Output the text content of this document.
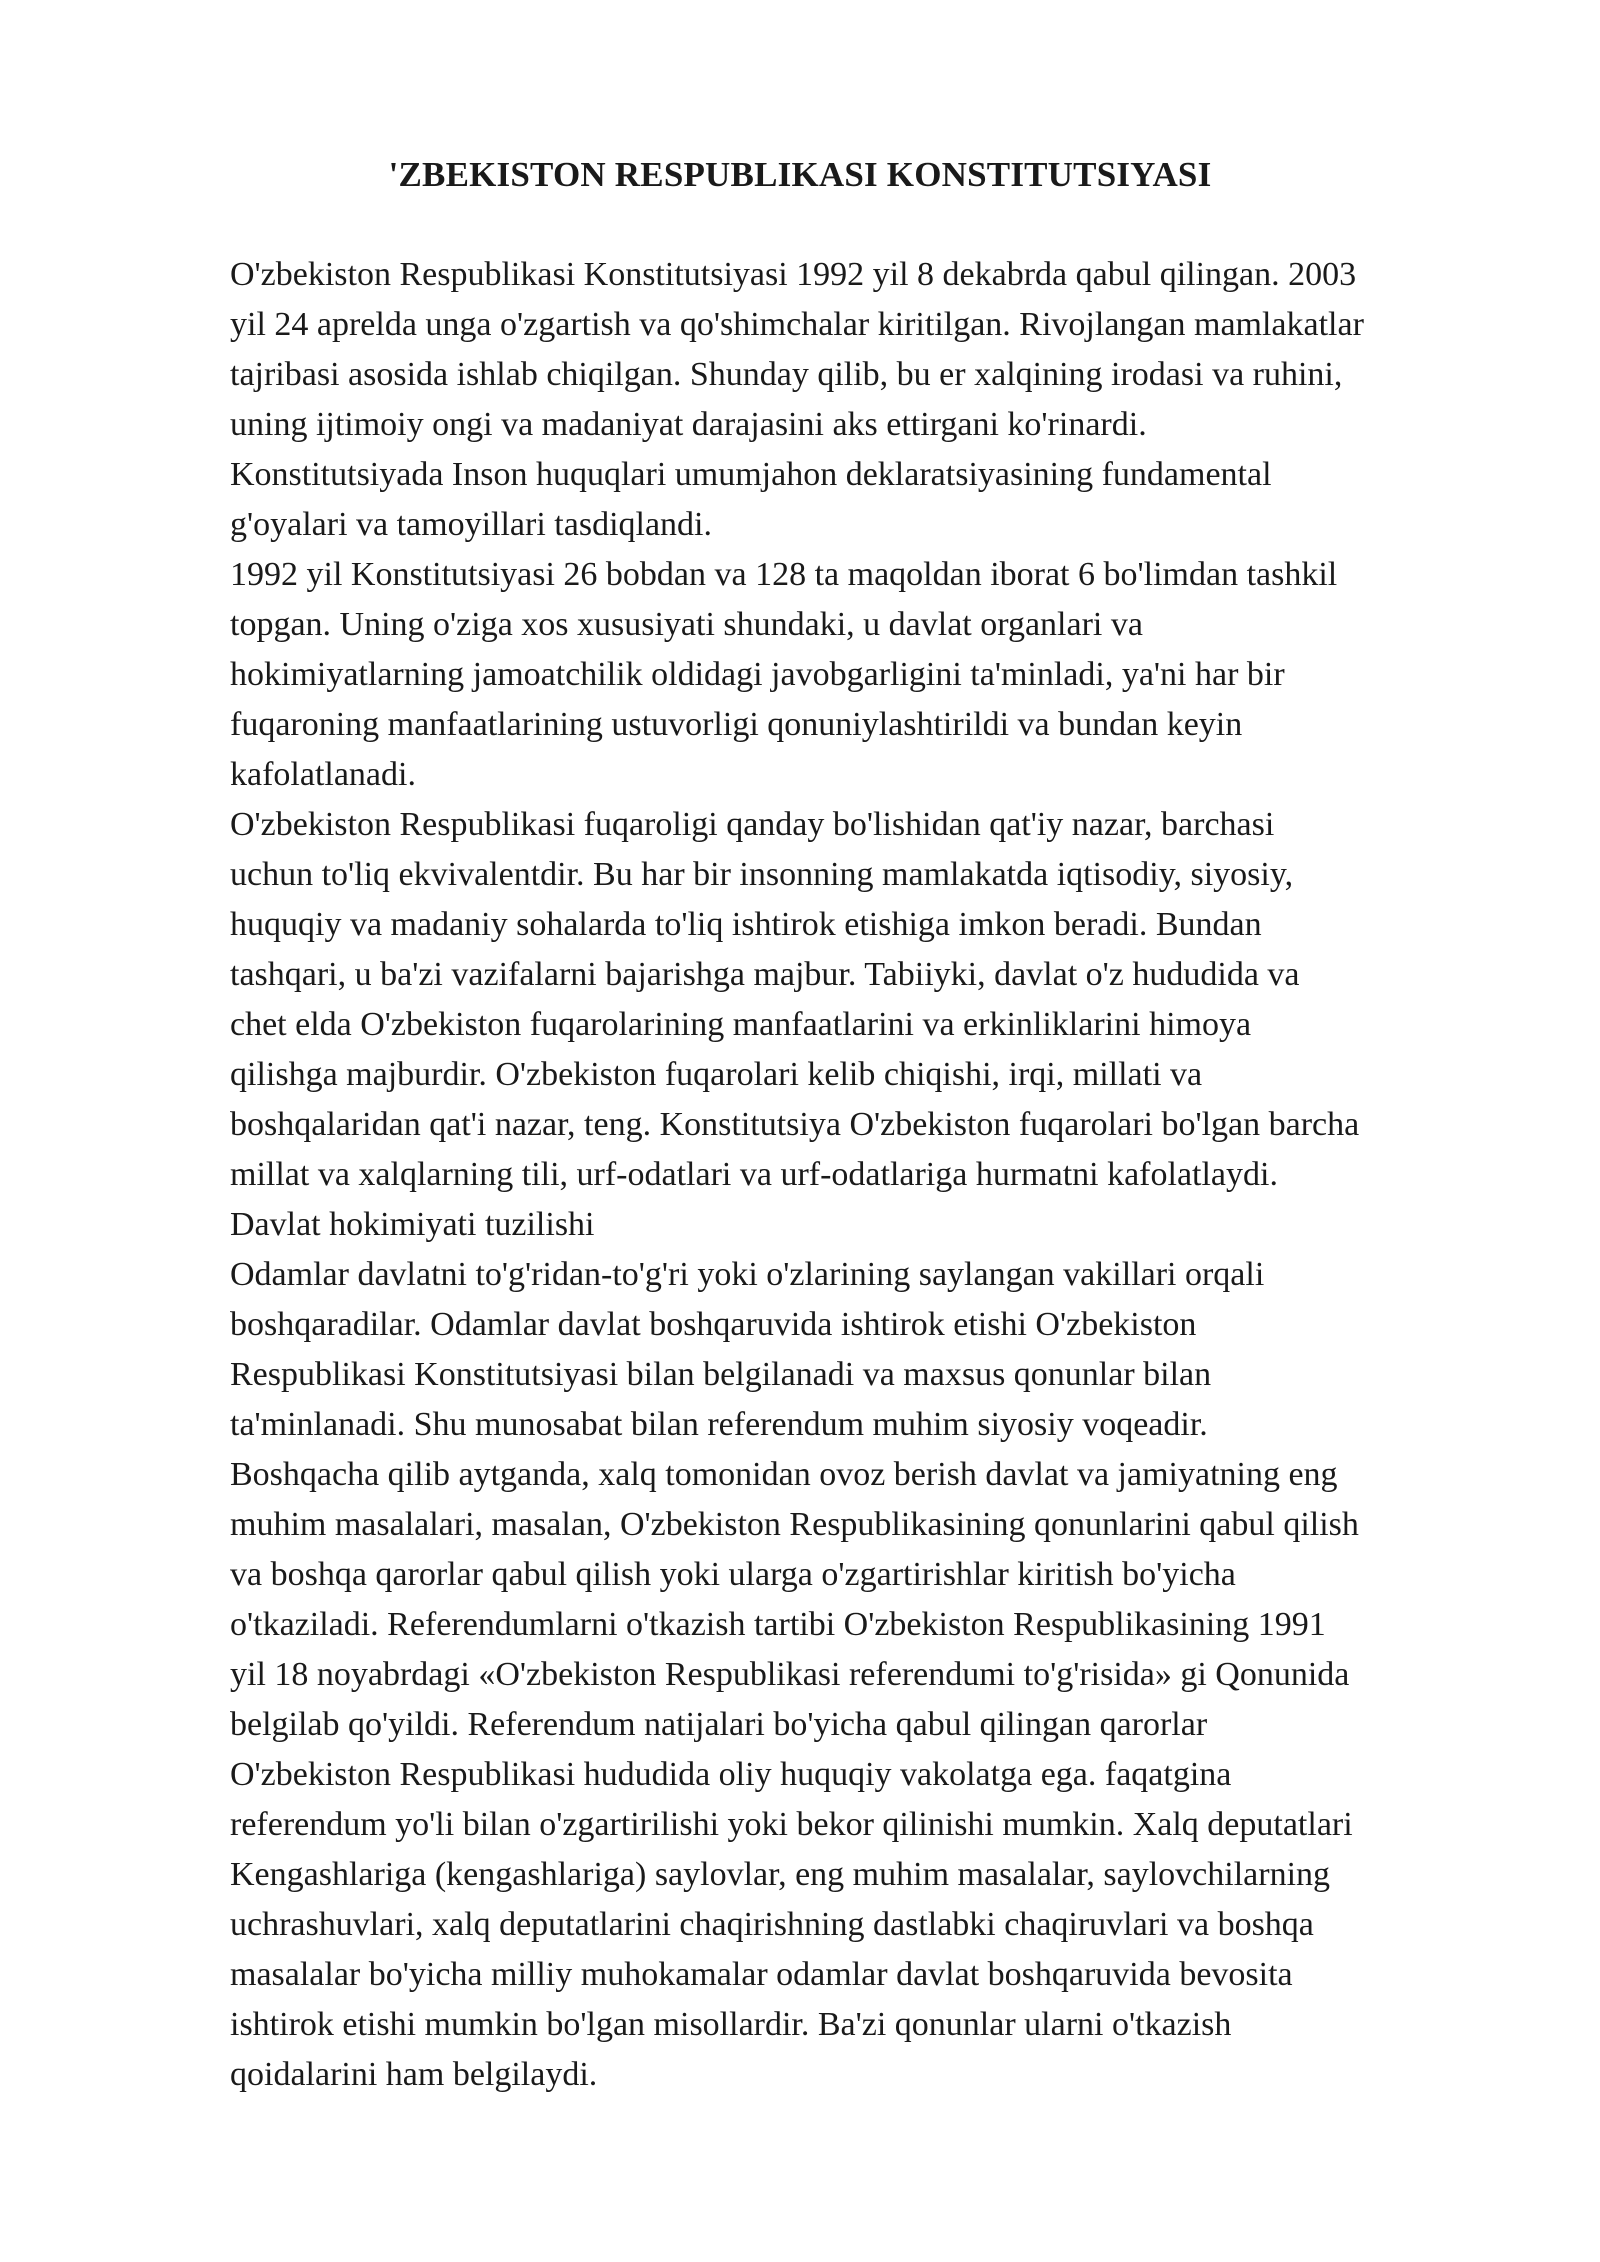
'ZBEKISTON RESPUBLIKASI KONSTITUTSIYASI
O'zbekiston Respublikasi Konstitutsiyasi 1992 yil 8 dekabrda qabul qilingan. 2003
yil 24 aprelda unga o'zgartish va qo'shimchalar kiritilgan. Rivojlangan mamlakatlar
tajribasi asosida ishlab chiqilgan. Shunday qilib, bu er xalqining irodasi va ruhini,
uning ijtimoiy ongi va madaniyat darajasini aks ettirgani ko'rinardi.
Konstitutsiyada Inson huquqlari umumjahon deklaratsiyasining fundamental
g'oyalari va tamoyillari tasdiqlandi.
1992 yil Konstitutsiyasi 26 bobdan va 128 ta maqoldan iborat 6 bo'limdan tashkil
topgan. Uning o'ziga xos xususiyati shundaki, u davlat organlari va
hokimiyatlarning jamoatchilik oldidagi javobgarligini ta'minladi, ya'ni har bir
fuqaroning manfaatlarining ustuvorligi qonuniylashtirildi va bundan keyin
kafolatlanadi.
O'zbekiston Respublikasi fuqaroligi qanday bo'lishidan qat'iy nazar, barchasi
uchun to'liq ekvivalentdir. Bu har bir insonning mamlakatda iqtisodiy, siyosiy,
huquqiy va madaniy sohalarda to'liq ishtirok etishiga imkon beradi. Bundan
tashqari, u ba'zi vazifalarni bajarishga majbur. Tabiiyki, davlat o'z hududida va
chet elda O'zbekiston fuqarolarining manfaatlarini va erkinliklarini himoya
qilishga majburdir. O'zbekiston fuqarolari kelib chiqishi, irqi, millati va
boshqalaridan qat'i nazar, teng. Konstitutsiya O'zbekiston fuqarolari bo'lgan barcha
millat va xalqlarning tili, urf-odatlari va urf-odatlariga hurmatni kafolatlaydi.
Davlat hokimiyati tuzilishi
Odamlar davlatni to'g'ridan-to'g'ri yoki o'zlarining saylangan vakillari orqali
boshqaradilar. Odamlar davlat boshqaruvida ishtirok etishi O'zbekiston
Respublikasi Konstitutsiyasi bilan belgilanadi va maxsus qonunlar bilan
ta'minlanadi. Shu munosabat bilan referendum muhim siyosiy voqeadir.
Boshqacha qilib aytganda, xalq tomonidan ovoz berish davlat va jamiyatning eng
muhim masalalari, masalan, O'zbekiston Respublikasining qonunlarini qabul qilish
va boshqa qarorlar qabul qilish yoki ularga o'zgartirishlar kiritish bo'yicha
o'tkaziladi. Referendumlarni o'tkazish tartibi O'zbekiston Respublikasining 1991
yil 18 noyabrdagi «O'zbekiston Respublikasi referendumi to'g'risida» gi Qonunida
belgilab qo'yildi. Referendum natijalari bo'yicha qabul qilingan qarorlar
O'zbekiston Respublikasi hududida oliy huquqiy vakolatga ega. faqatgina
referendum yo'li bilan o'zgartirilishi yoki bekor qilinishi mumkin. Xalq deputatlari
Kengashlariga (kengashlariga) saylovlar, eng muhim masalalar, saylovchilarning
uchrashuvlari, xalq deputatlarini chaqirishning dastlabki chaqiruvlari va boshqa
masalalar bo'yicha milliy muhokamalar odamlar davlat boshqaruvida bevosita
ishtirok etishi mumkin bo'lgan misollardir. Ba'zi qonunlar ularni o'tkazish
qoidalarini ham belgilaydi.
